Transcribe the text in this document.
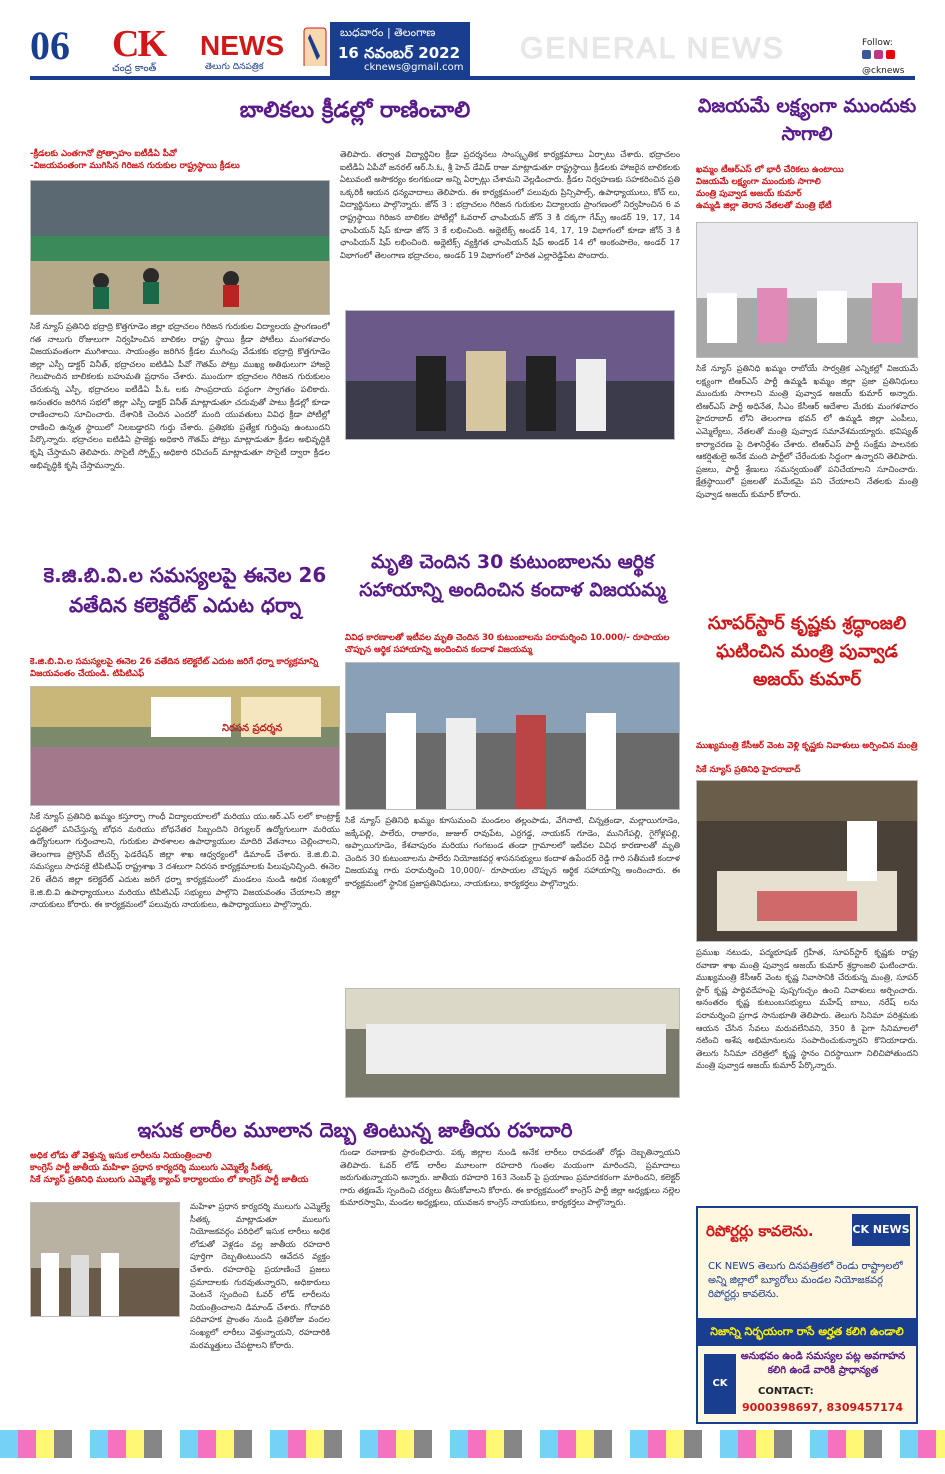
06 CK
చంద్ర కాంత్
NEWS
తెలుగు దినపత్రిక
బుధవారం | తెలంగాణ
16 నవంబర్ 2022
cknews@gmail.com
GENERAL NEWS	Follow:

@cknews
బాలికలు క్రీడల్లో రాణించాలి
-క్రీడలకు ఎంతగానో ప్రోత్సాహం ఐటీడీఏ పీవో
-విజయవంతంగా ముగిసిన గిరిజన గురుకుల రాష్ట్రస్థాయి క్రీడలు
సికే న్యూస్ ప్రతినిధి భద్రాద్రి కొత్తగూడెం జిల్లా భద్రాచలం గిరిజన గురుకుల విద్యాలయ ప్రాంగణంలో గత నాలుగు రోజులుగా నిర్వహించిన బాలికల రాష్ట్ర స్థాయి క్రీడా పోటీలు మంగళవారం విజయవంతంగా ముగిశాయి. సాయంత్రం జరిగిన క్రీడల ముగింపు వేడుకకు భద్రాద్రి కొత్తగూడెం జిల్లా ఎస్పీ డాక్టర్ వినీత్, భద్రాచలం ఐటిడిఏ పీవో గౌతమ్ పోట్రు ముఖ్య అతిథులుగా హాజరై గెలుపొందిన బాలికలకు బహుమతి ప్రధానం చేశారు. ముందుగా భద్రాచలం గిరిజన గురుకులం చేరుకున్న ఎస్పీ, భద్రాచలం ఐటీడీఏ పీ.ఓ లకు సాంప్రదాయ పద్ధంగా స్వాగతం పలికారు. అనంతరం జరిగిన సభలో జిల్లా ఎస్పీ డాక్టర్ వినీత్ మాట్లాడుతూ చదువుతో పాటు క్రీడల్లో కూడా రాణించాలని సూచించారు. దేశానికి చెందిన ఎందరో మంది యువతులు వివిధ క్రీడా పోటీల్లో రాణించి ఉన్నత స్థాయిలో నిలబడ్డారని గుర్తు చేశారు. ప్రతిభకు ప్రత్యేక గుర్తింపు ఉంటుందని పేర్కొన్నారు. భద్రాచలం ఐటిడిఏ ప్రాజెక్టు అధికారి గౌతమ్ పోట్రు మాట్లాడుతూ క్రీడల అభివృద్ధికి కృషి చేస్తామని తెలిపారు. సొసైటీ స్పోర్ట్స్ అధికారి రవిచంద్ మాట్లాడుతూ సొసైటీ ద్వారా క్రీడల అభివృద్ధికి కృషి చేస్తామన్నారు.
తెలిపారు. తర్వాత విద్యార్థినిల క్రీడా ప్రదర్శనలు సాంస్కృతిక కార్యక్రమాలు ఏర్పాటు చేశారు. భద్రాచలం ఐటీడీఏ ఏపీవో జనరల్ ఆర్.సి.ఓ, శ్రీ హెచ్ డేవిడ్ రాజు మాట్లాడుతూ రాష్ట్రస్థాయి క్రీడలకు హాజరైన బాలికలకు ఏటువంటి అసౌకర్యం కలగకుండా అన్ని ఏర్పాట్లు చేశామని వెల్లడించారు. క్రీడల నిర్వహణకు సహకరించిన ప్రతి ఒక్కరికీ ఆయన ధన్యవాదాలు తెలిపారు. ఈ కార్యక్రమంలో పలువురు ప్రిన్సిపాల్స్, ఉపాధ్యాయులు, కోచ్ లు, విద్యార్థినులు పాల్గొన్నారు. జోన్ 3 : భద్రాచలం గిరిజన గురుకుల విద్యాలయ ప్రాంగణంలో నిర్వహించిన 6 వ రాష్ట్రస్థాయి గిరిజన బాలికల పోటీల్లో ఓవరాల్ ఛాంపియన్ జోన్ 3 కి దక్కగా గేమ్స్ అండర్ 19, 17, 14 ఛాంపియన్ షిప్ కూడా జోన్ 3 కే లభించింది. అథ్లెటిక్స్ అండర్ 14, 17, 19 విభాగంలో కూడా జోన్ 3 కి ఛాంపియన్ షిప్ లభించింది. అథ్లెటిక్స్ వ్యక్తిగత ఛాంపియన్ షిప్ అండర్ 14 లో అంకంపాలెం, అండర్ 17 విభాగంలో తెలంగాణ భద్రాచలం, అండర్ 19 విభాగంలో హరిత ఎల్లారెడ్డిపేట పొందారు.
కె.జి.బి.వి.ల సమస్యలపై ఈనెల 26 వతేదిన కలెక్టరేట్ ఎదుట ధర్నా
కె.జి.బి.వి.ల సమస్యలపై ఈనెల 26 వతేదిన కలెక్టరేట్ ఎదుట జరిగే ధర్నా కార్యక్రమాన్ని విజయవంతం చేయండి. టిపిటిఎఫ్
నిరసన ప్రదర్శన
సికే న్యూస్ ప్రతినిధి ఖమ్మం కస్తూర్బా గాంధీ విద్యాలయాలలో మరియు యు.ఆర్.ఎస్ లలో కాంట్రాక్ట్ పద్ధతిలో పనిచేస్తున్న బోధన మరియు బోధనేతర సిబ్బందిని రెగ్యులర్ ఉద్యోగులుగా మరియు ఉద్యోగులుగా గుర్తించాలని, గురుకుల పాఠశాలల ఉపాధ్యాయుల మాదిరి వేతనాలు చెల్లించాలని, తెలంగాణ ప్రోగ్రెసివ్ టీచర్స్ ఫెడరేషన్ జిల్లా శాఖ ఆధ్వర్యంలో డిమాండ్ చేశారు. కె.జి.బి.వి. సమస్యలు సాధనకై టిపిటిఎఫ్ రాష్ట్రశాఖ 3 దశలుగా నిరసన కార్యక్రమాలకు పిలుపునిచ్చింది. ఈనెల 26 తేదిన జిల్లా కలెక్టరేట్ ఎదుట జరిగే ధర్నా కార్యక్రమంలో మండలం నుండి అధిక సంఖ్యలో కె.జి.బి.వి ఉపాధ్యాయులు మరియు టిపిటిఎఫ్ సభ్యులు పాల్గొని విజయవంతం చేయాలని జిల్లా నాయకులు కోరారు. ఈ కార్యక్రమంలో పలువురు నాయకులు, ఉపాధ్యాయులు పాల్గొన్నారు.
మృతి చెందిన 30 కుటుంబాలను ఆర్థిక సహాయాన్ని అందించిన కందాళ విజయమ్మ
వివిధ కారణాలతో ఇటీవల మృతి చెందిన 30 కుటుంబాలను పరామర్శించి 10.000/- రూపాయల చొప్పున ఆర్థిక సహాయాన్ని అందించిన కందాళ విజయమ్మ
సికే న్యూస్ ప్రతినిధి ఖమ్మం కూసుమంచి మండలం తల్లంపాడు, వేగినాటి, చిన్నత్రండా, మల్లాయిగూడెం, జక్కేపల్లి, పాలేరు, రాజారం, జుజుల్ రావుపేట, ఎర్రగడ్డ, నాయకన్ గూడెం, మునిగేపల్లి, గైగోళ్లపల్లి, అప్పాయిగూడెం, కేశవాపురం మరియు గంగబండ తండా గ్రామాలలో ఇటీవల వివిధ కారణాలతో మృతి చెందిన 30 కుటుంబాలను పాలేరు నియోజకవర్గ శాసనసభ్యులు కందాళ ఉపేందర్ రెడ్డి గారి సతీమణి కందాళ విజయమ్మ గారు పరామర్శించి 10,000/- రూపాయల చొప్పున ఆర్థిక సహాయాన్ని అందించారు. ఈ కార్యక్రమంలో స్థానిక ప్రజాప్రతినిధులు, నాయకులు, కార్యకర్తలు పాల్గొన్నారు.
ఇసుక లారీల మూలాన దెబ్బ తింటున్న జాతీయ రహదారి
అధిక లోడు తో వెళ్తున్న ఇసుక లారీలను నియంత్రించాలి
కాంగ్రెస్ పార్టీ జాతీయ మహిళా ప్రధాన కార్యదర్శి ములుగు ఎమ్మెల్యే సీతక్క
సికే న్యూస్ ప్రతినిధి ములుగు ఎమ్మెల్యే క్యాంప్ కార్యాలయం లో కాంగ్రెస్ పార్టీ జాతీయ
మహిళా ప్రధాన కార్యదర్శి ములుగు ఎమ్మెల్యే సీతక్క మాట్లాడుతూ ములుగు నియోజకవర్గం పరిధిలో ఇసుక లారీలు అధిక లోడుతో వెళ్లడం వల్ల జాతీయ రహదారి పూర్తిగా దెబ్బతింటుందని ఆవేదన వ్యక్తం చేశారు. రహదారిపై ప్రయాణించే ప్రజలు ప్రమాదాలకు గురవుతున్నారని, అధికారులు వెంటనే స్పందించి ఓవర్ లోడ్ లారీలను నియంత్రించాలని డిమాండ్ చేశారు. గోదావరి పరివాహక ప్రాంతం నుండి ప్రతిరోజు వందల సంఖ్యలో లారీలు వెళ్తున్నాయని, రహదారికి మరమ్మత్తులు చేపట్టాలని కోరారు.
గుండా రవాణాకు ప్రారంభిచారు. పక్క జిల్లాల నుండి అనేక లారీలు రావడంతో రోడ్లు దెబ్బతిన్నాయని తెలిపారు. ఓవర్ లోడ్ లారీల మూలంగా రహదారి గుంతల మయంగా మారిందని, ప్రమాదాలు జరుగుతున్నాయని అన్నారు. జాతీయ రహదారి 163 నెంబర్ పై ప్రయాణం ప్రమాదకరంగా మారిందని, కలెక్టర్ గారు తక్షణమే స్పందించి చర్యలు తీసుకోవాలని కోరారు. ఈ కార్యక్రమంలో కాంగ్రెస్ పార్టీ జిల్లా అధ్యక్షులు నల్లెల కుమారస్వామి, మండల అధ్యక్షులు, యువజన కాంగ్రెస్ నాయకులు, కార్యకర్తలు పాల్గొన్నారు.
విజయమే లక్ష్యంగా ముందుకు సాగాలి
ఖమ్మం టీఆర్ఎస్ లో భారీ చేరికలు ఉంటాయి
విజయమే లక్ష్యంగా ముందుకు సాగాలి
మంత్రి పువ్వాడ అజయ్ కుమార్
ఉమ్మడి జిల్లా తెరాస నేతలతో మంత్రి భేటీ
సికే న్యూస్ ప్రతినిధి ఖమ్మం రాబోయే సార్వత్రిక ఎన్నికల్లో విజయమే లక్ష్యంగా టిఆర్ఎస్ పార్టీ ఉమ్మడి ఖమ్మం జిల్లా ప్రజా ప్రతినిధులు ముందుకు సాగాలని మంత్రి పువ్వాడ అజయ్ కుమార్ అన్నారు. టిఆర్ఎస్ పార్టీ అధినేత, సీఎం కేసీఆర్ ఆదేశాల మేరకు మంగళవారం హైదరాబాద్ లోని తెలంగాణ భవన్ లో ఉమ్మడి జిల్లా ఎంపీలు, ఎమ్మెల్యేలు, నేతలతో మంత్రి పువ్వాడ సమావేశమయ్యారు. భవిష్యత్ కార్యాచరణ పై దిశానిర్దేశం చేశారు. టిఆర్ఎస్ పార్టీ సంక్షేమ పాలనకు ఆకర్షితులై అనేక మంది పార్టీలో చేరేందుకు సిద్ధంగా ఉన్నారని తెలిపారు. ప్రజలు, పార్టీ శ్రేణులు సమన్వయంతో పనిచేయాలని సూచించారు. క్షేత్రస్థాయిలో ప్రజలతో మమేకమై పని చేయాలని నేతలకు మంత్రి పువ్వాడ అజయ్ కుమార్ కోరారు.
సూపర్‌స్టార్ కృష్ణకు శ్రద్ధాంజలి ఘటించిన మంత్రి పువ్వాడ అజయ్ కుమార్
ముఖ్యమంత్రి కేసీఆర్ వెంట వెళ్లి కృష్ణకు నివాళులు అర్పించిన మంత్రి
సికే న్యూస్ ప్రతినిధి హైదరాబాద్
ప్రముఖ నటుడు, పద్మభూషణ్ గ్రహీత, సూపర్‌స్టార్ కృష్ణకు రాష్ట్ర రవాణా శాఖ మంత్రి పువ్వాడ అజయ్ కుమార్ శ్రద్ధాంజలి ఘటించారు. ముఖ్యమంత్రి కేసీఆర్ వెంట కృష్ణ నివాసానికి చేరుకున్న మంత్రి, సూపర్ స్టార్ కృష్ణ పార్థివదేహంపై పుష్పగుచ్ఛం ఉంచి నివాళులు అర్పించారు. అనంతరం కృష్ణ కుటుంబసభ్యులు మహేష్ బాబు, నరేష్ లను పరామర్శించి ప్రగాఢ సానుభూతి తెలిపారు. తెలుగు సినిమా పరిశ్రమకు ఆయన చేసిన సేవలు మరువలేనివని, 350 కి పైగా సినిమాలలో నటించి అశేష అభిమానులను సంపాదించుకున్నారని కొనియాడారు. తెలుగు సినిమా చరిత్రలో కృష్ణ స్థానం చిరస్థాయిగా నిలిచిపోతుందని మంత్రి పువ్వాడ అజయ్ కుమార్ పేర్కొన్నారు.
రిపోర్టర్లు కావలెను.	CK NEWS
CK NEWS తెలుగు దినపత్రికలో రెండు రాష్ట్రాలలో అన్ని జిల్లాలో బ్యూరోలు మండల నియోజకవర్గ రిపోర్టర్లు కావలెను.
నిజాన్ని నిర్భయంగా రాసే అర్హత కలిగి ఉండాలి
CK
అనుభవం ఉండి సమస్యల పట్ల అవగాహన కలిగి ఉండే వారికి ప్రాధాన్యత
CONTACT:
9000398697, 8309457174
